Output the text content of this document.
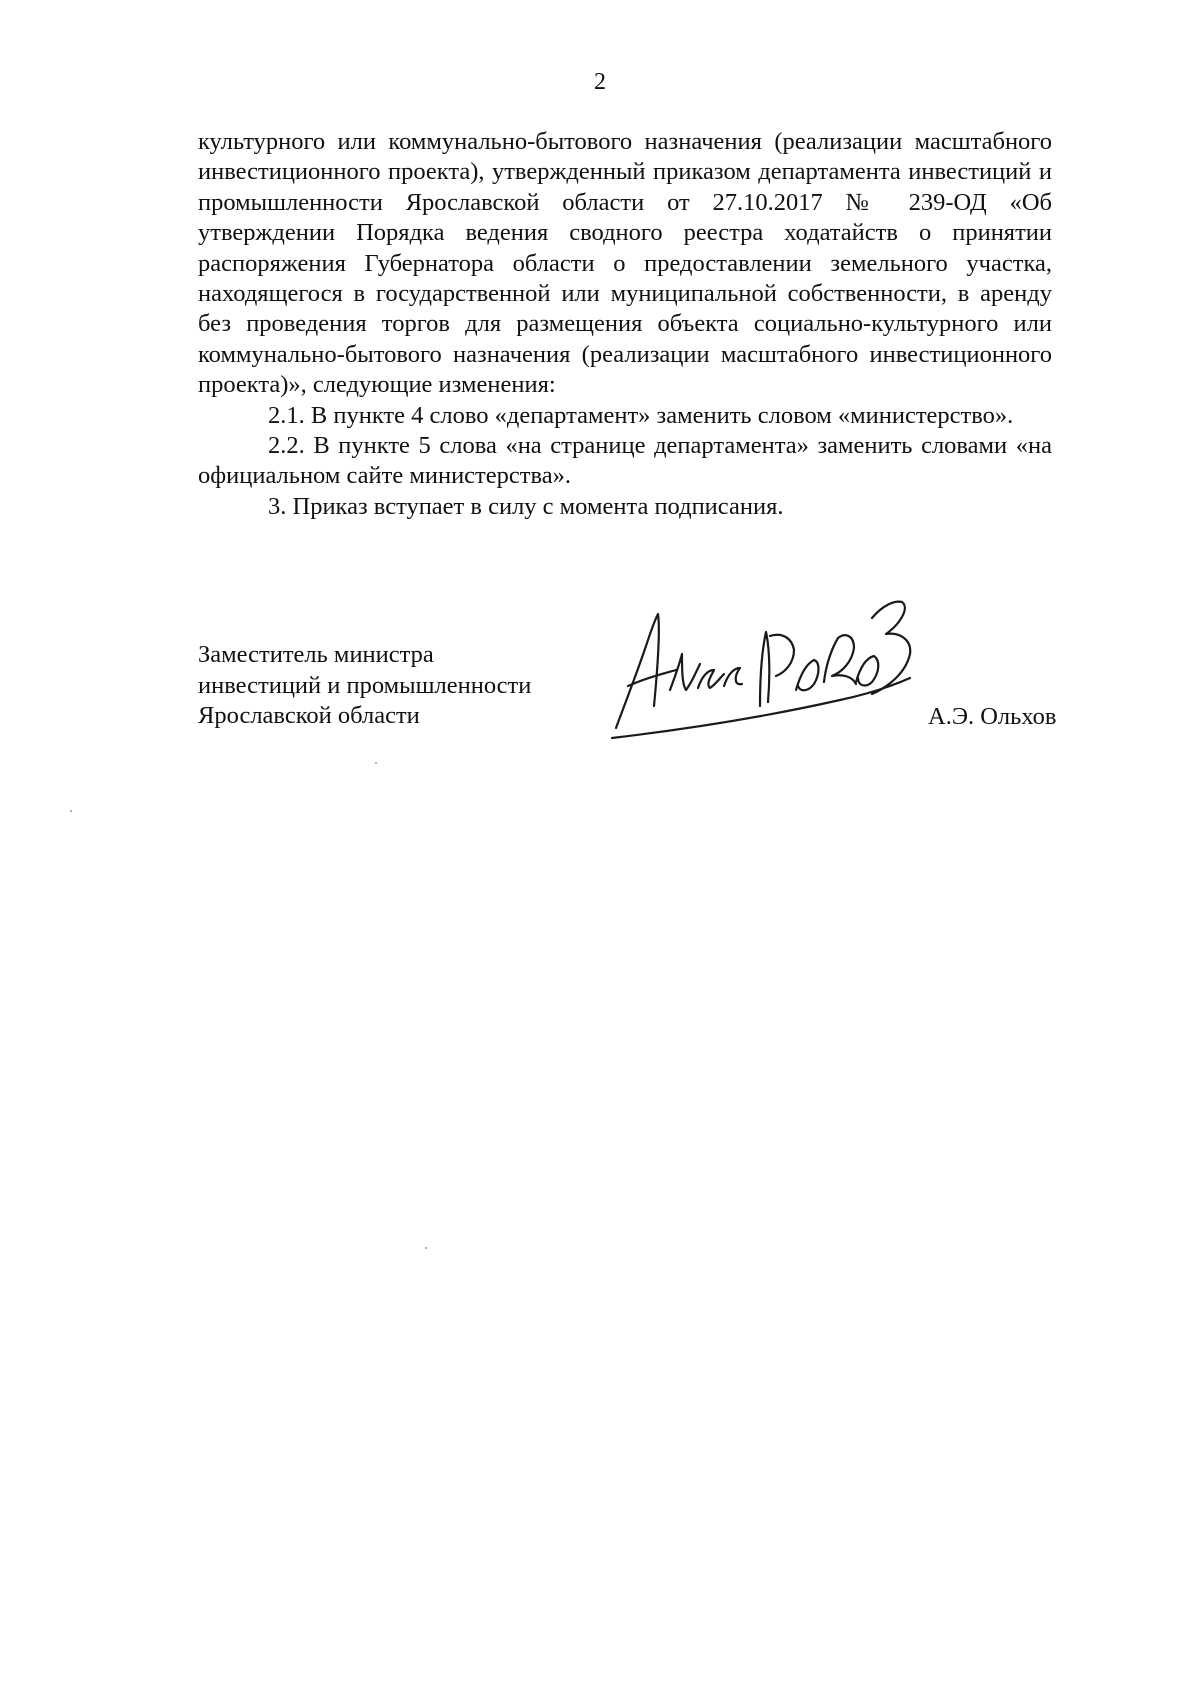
2

культурного или коммунально-бытового назначения (реализации масштабного инвестиционного проекта), утвержденный приказом департамента инвестиций и промышленности Ярославской области от 27.10.2017 № 239-ОД «Об утверждении Порядка ведения сводного реестра ходатайств о принятии распоряжения Губернатора области о предоставлении земельного участка, находящегося в государственной или муниципальной собственности, в аренду без проведения торгов для размещения объекта социально-культурного или коммунально-бытового назначения (реализации масштабного инвестиционного проекта)», следующие изменения:

2.1. В пункте 4 слово «департамент» заменить словом «министерство».

2.2. В пункте 5 слова «на странице департамента» заменить словами «на официальном сайте министерства».

3. Приказ вступает в силу с момента подписания.

Заместитель министра
инвестиций и промышленности
Ярославской области	А.Э. Ольхов
